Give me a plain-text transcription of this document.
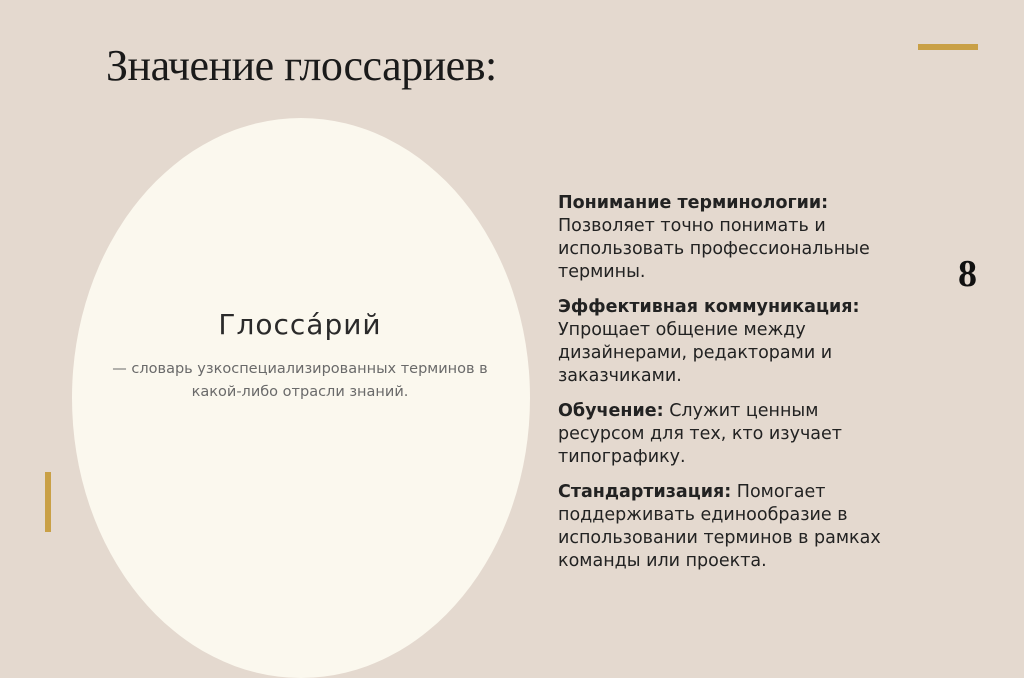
Значение глоссариев:
8
Глосса́рий
— словарь узкоспециализированных терминов в какой-либо отрасли знаний.

Понимание терминологии: Позволяет точно понимать и использовать профессиональные термины.

Эффективная коммуникация: Упрощает общение между дизайнерами, редакторами и заказчиками.

Обучение: Служит ценным ресурсом для тех, кто изучает типографику.

Стандартизация: Помогает поддерживать единообразие в использовании терминов в рамках команды или проекта.
